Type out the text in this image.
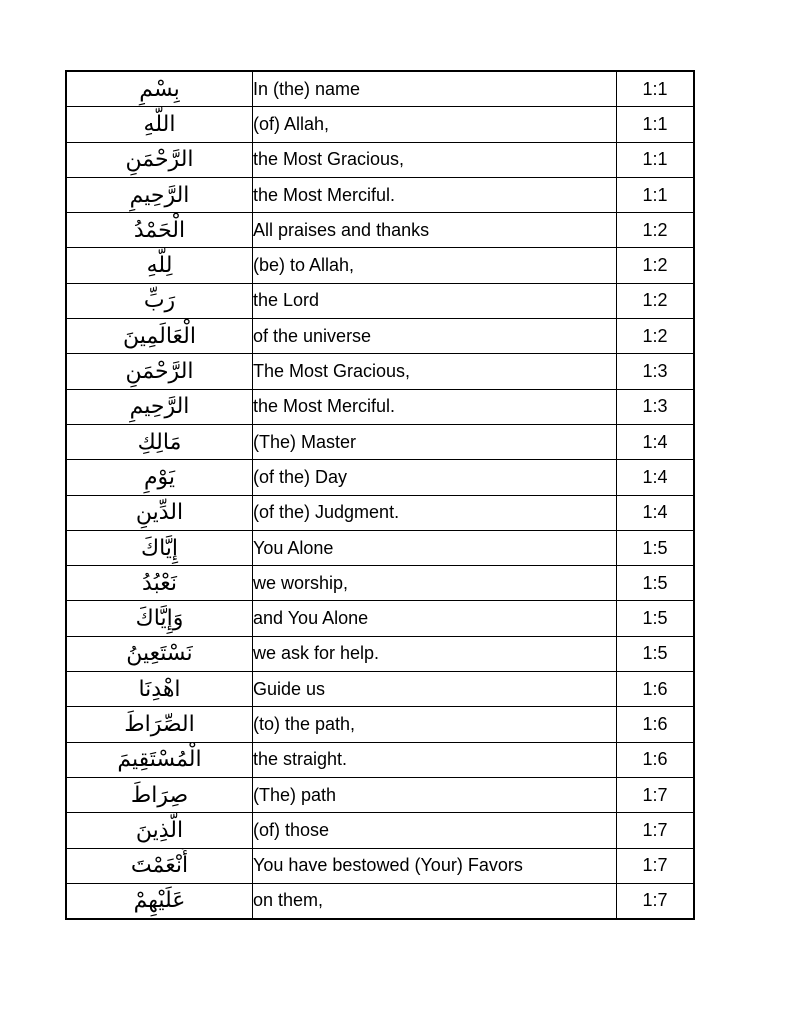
بِسْمِ	In (the) name	1:1
اللَّهِ	(of) Allah,	1:1
الرَّحْمَنِ	the Most Gracious,	1:1
الرَّحِيمِ	the Most Merciful.	1:1
الْحَمْدُ	All praises and thanks	1:2
لِلَّهِ	(be) to Allah,	1:2
رَبِّ	the Lord	1:2
الْعَالَمِينَ	of the universe	1:2
الرَّحْمَنِ	The Most Gracious,	1:3
الرَّحِيمِ	the Most Merciful.	1:3
مَالِكِ	(The) Master	1:4
يَوْمِ	(of the) Day	1:4
الدِّينِ	(of the) Judgment.	1:4
إِيَّاكَ	You Alone	1:5
نَعْبُدُ	we worship,	1:5
وَإِيَّاكَ	and You Alone	1:5
نَسْتَعِينُ	we ask for help.	1:5
اهْدِنَا	Guide us	1:6
الصِّرَاطَ	(to) the path,	1:6
الْمُسْتَقِيمَ	the straight.	1:6
صِرَاطَ	(The) path	1:7
الَّذِينَ	(of) those	1:7
أَنْعَمْتَ	You have bestowed (Your) Favors	1:7
عَلَيْهِمْ	on them,	1:7
